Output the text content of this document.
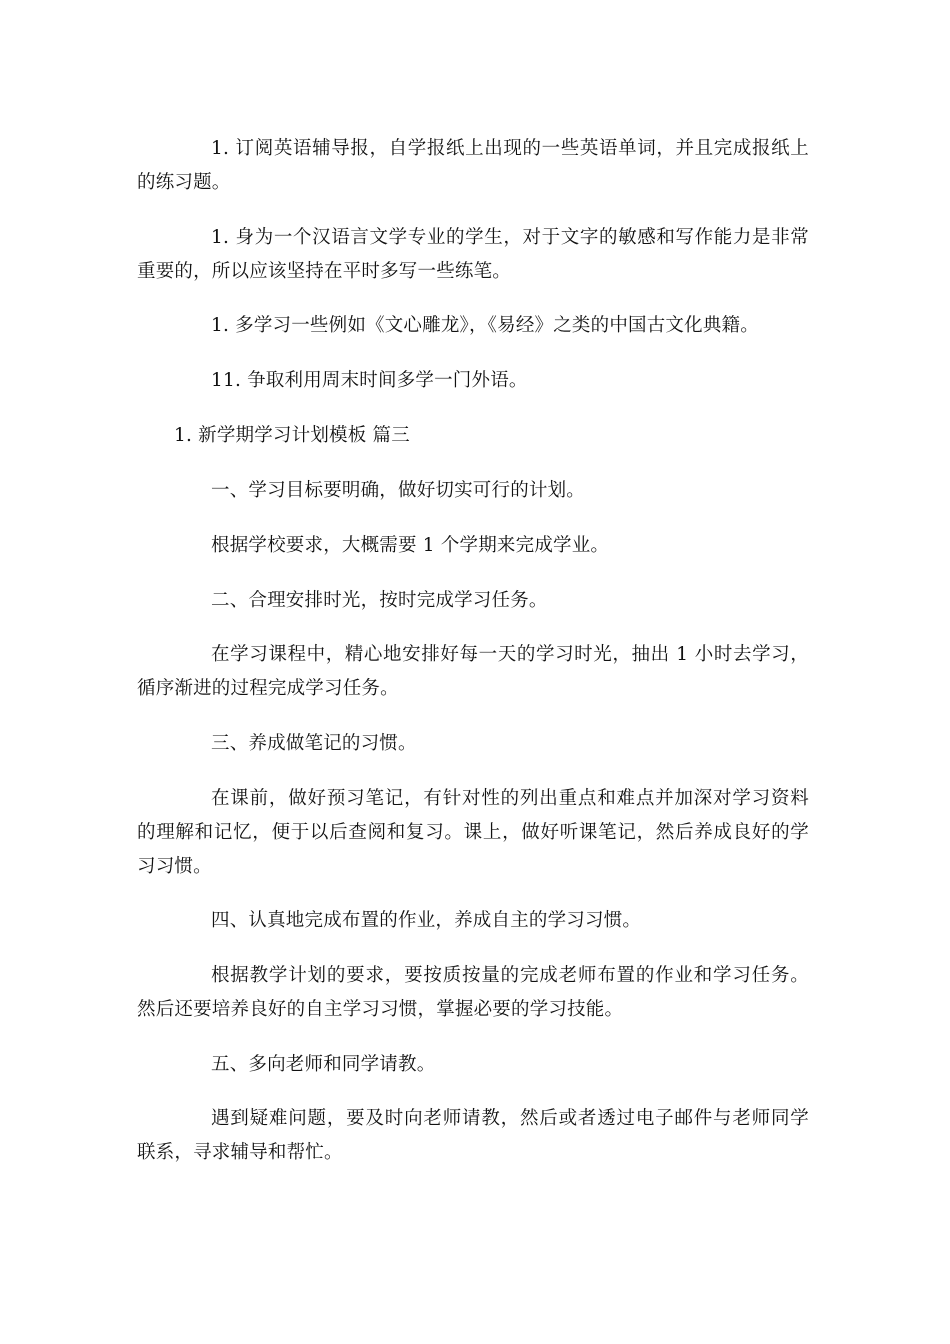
1. 订阅英语辅导报，自学报纸上出现的一些英语单词，并且完成报纸上的练习题。

1. 身为一个汉语言文学专业的学生，对于文字的敏感和写作能力是非常重要的，所以应该坚持在平时多写一些练笔。

1. 多学习一些例如《文心雕龙》，《易经》之类的中国古文化典籍。

11. 争取利用周末时间多学一门外语。

1. 新学期学习计划模板 篇三

一、学习目标要明确，做好切实可行的计划。

根据学校要求，大概需要 1 个学期来完成学业。

二、合理安排时光，按时完成学习任务。

在学习课程中，精心地安排好每一天的学习时光，抽出 1 小时去学习，循序渐进的过程完成学习任务。

三、养成做笔记的习惯。

在课前，做好预习笔记，有针对性的列出重点和难点并加深对学习资料的理解和记忆，便于以后查阅和复习。课上，做好听课笔记，然后养成良好的学习习惯。

四、认真地完成布置的作业，养成自主的学习习惯。

根据教学计划的要求，要按质按量的完成老师布置的作业和学习任务。然后还要培养良好的自主学习习惯，掌握必要的学习技能。

五、多向老师和同学请教。

遇到疑难问题，要及时向老师请教，然后或者透过电子邮件与老师同学联系，寻求辅导和帮忙。
